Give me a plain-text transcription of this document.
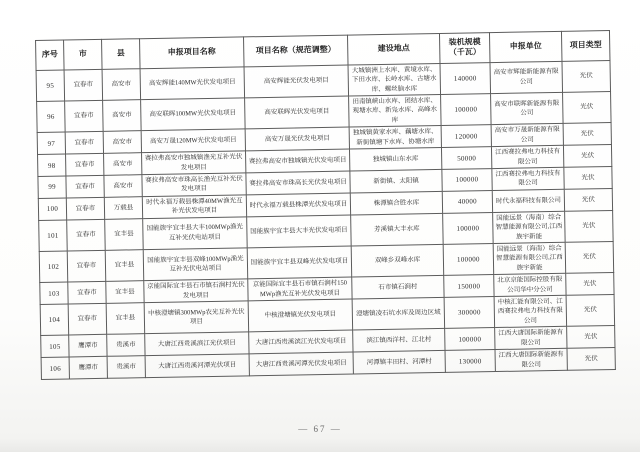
序号	市	县	申报项目名称	项目名称（规范调整）	建设地点	装机规模（千瓦）	申报单位	项目类型
95	宜春市	高安市	高安辉能140MW光伏发电项目	高安辉能光伏发电项目	大城镇洲上水库、黄境水库、下田水库、长岭水库、古塘水库、螺丝脑水库	140000	高安市辉能新能源有限公司	光伏
96	宜春市	高安市	高安联晖100MW光伏发电项目	高安联晖光伏发电项目	田南镇峡山水库、团结水库、观塘水库、新凫水库、高峰水库	100000	高安市联晖新能源有限公司	光伏
97	宜春市	高安市	高安万晟120MW光伏发电项目	高安万晟光伏发电项目	独城镇黄家水库、藕塘水库、新街镇塘下水库、协塘水库	120000	高安市万晟新能源有限公司	光伏
98	宜春市	高安市	赛拉弗高安市独城镇渔光互补光伏发电项目	赛拉弗高安市独城镇光伏发电项目	独城镇山东水库	50000	江西赛拉弗电力科技有限公司	光伏
99	宜春市	高安市	赛拉弗高安市珠高长渔光互补光伏发电项目	赛拉弗高安市珠高长光伏发电项目	新街镇、太阳镇	100000	江西赛拉弗电力科技有限公司	光伏
100	宜春市	万载县	时代永福万载县株潭40MW渔光互补光伏发电项目	时代永福万载县株潭光伏发电项目	株潭镇合胜水库	40000	时代永福科技有限公司	光伏
101	宜春市	宜丰县	国能族宇宜丰县大丰100MWp渔光互补光伏电站项目	国能族宇宜丰县大丰光伏发电项目	芳溪镇大丰水库	100000	国能远景（海南）综合智慧能源有限公司,江西族宇新能	光伏
102	宜春市	宜丰县	国能族宇宜丰县双峰100MWp渔光互补光伏电站项目	国能族宇宜丰县双峰光伏发电项目	双峰乡双峰水库	100000	国能远景（海南）综合智慧能源有限公司,江西族宇新能	光伏
103	宜春市	宜丰县	京能国际宜丰县石市镇石涧村光伏发电项目	京能国际宜丰县石市镇石涧村150MWp渔光互补光伏发电项目	石市镇石涧村	150000	北京京能国际控股有限公司华中分公司	光伏
104	宜春市	宜丰县	中核澄塘镇300MWp农光互补光伏项目	中核澄塘镇光伏发电项目	澄塘镇凌石坑水库及周边区域	300000	中核汇能有限公司、江西赛拉弗电力科技有限公司	光伏
105	鹰潭市	贵溪市	大唐江西贵溪滨江光伏项目	大唐江西贵溪滨江光伏发电项目	滨江镇西洋村、江北村	100000	江西大唐国际新能源有限公司	光伏
106	鹰潭市	贵溪市	大唐江西贵溪河潭光伏项目	大唐江西贵溪河潭光伏发电项目	河潭镇丰田村、河潭村	130000	江西大唐国际新能源有限公司	光伏
— 67 —
